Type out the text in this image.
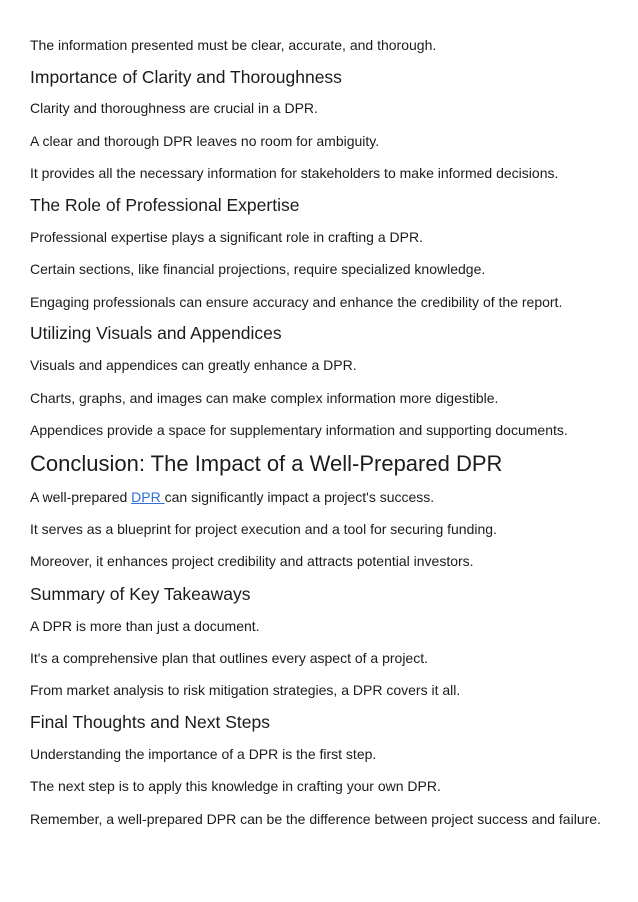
The information presented must be clear, accurate, and thorough.
Importance of Clarity and Thoroughness
Clarity and thoroughness are crucial in a DPR.
A clear and thorough DPR leaves no room for ambiguity.
It provides all the necessary information for stakeholders to make informed decisions.
The Role of Professional Expertise
Professional expertise plays a significant role in crafting a DPR.
Certain sections, like financial projections, require specialized knowledge.
Engaging professionals can ensure accuracy and enhance the credibility of the report.
Utilizing Visuals and Appendices
Visuals and appendices can greatly enhance a DPR.
Charts, graphs, and images can make complex information more digestible.
Appendices provide a space for supplementary information and supporting documents.
Conclusion: The Impact of a Well-Prepared DPR
A well-prepared DPR can significantly impact a project's success.
It serves as a blueprint for project execution and a tool for securing funding.
Moreover, it enhances project credibility and attracts potential investors.
Summary of Key Takeaways
A DPR is more than just a document.
It's a comprehensive plan that outlines every aspect of a project.
From market analysis to risk mitigation strategies, a DPR covers it all.
Final Thoughts and Next Steps
Understanding the importance of a DPR is the first step.
The next step is to apply this knowledge in crafting your own DPR.
Remember, a well-prepared DPR can be the difference between project success and failure.
